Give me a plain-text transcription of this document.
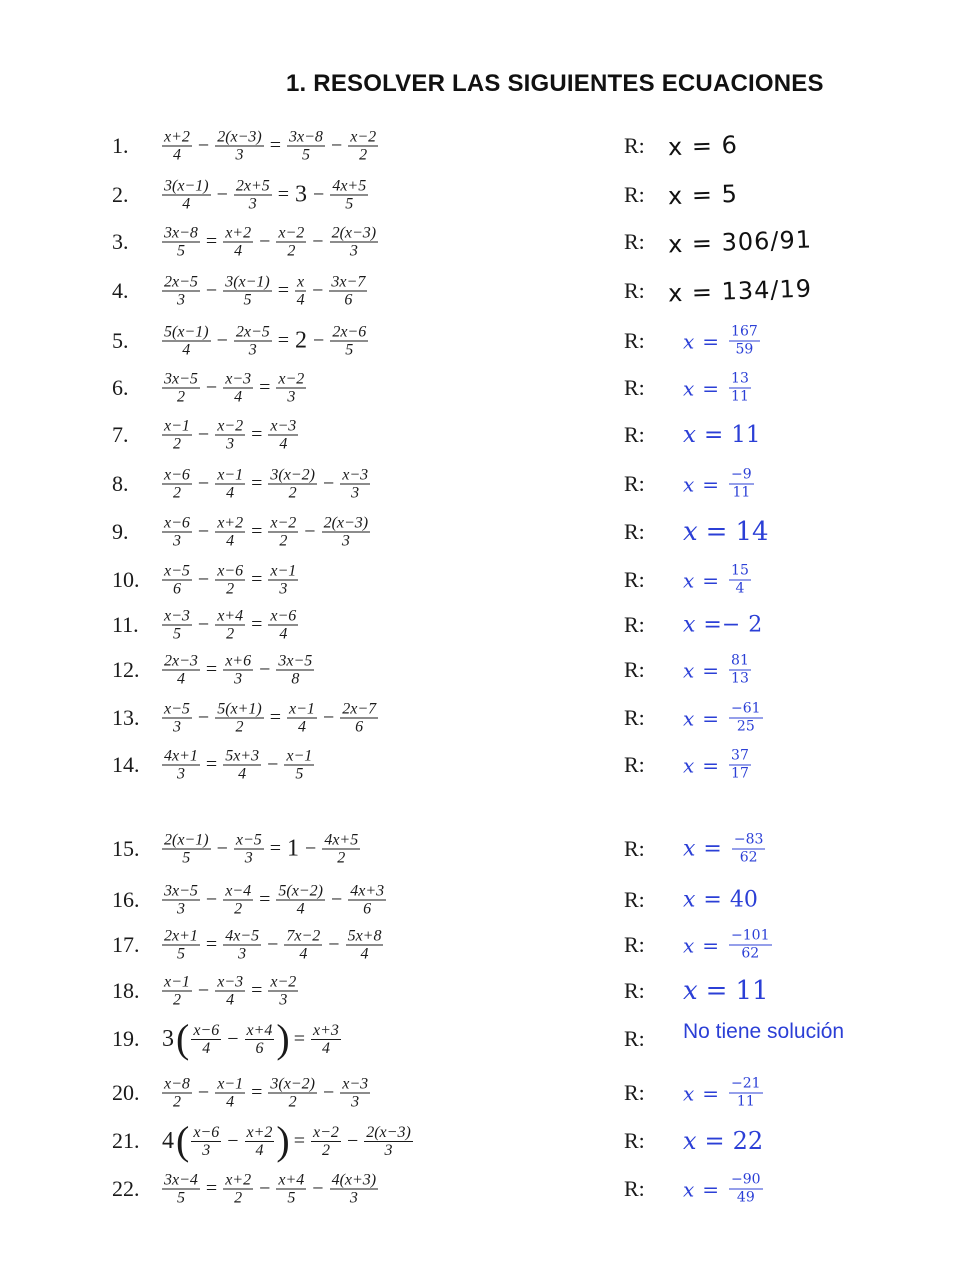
1. RESOLVER LAS SIGUIENTES ECUACIONES
1. $\frac{x+2}{4} - \frac{2(x-3)}{3} = \frac{3x-8}{5} - \frac{x-2}{2}$	R: x = 6
2. $\frac{3(x-1)}{4} - \frac{2x+5}{3} = 3 - \frac{4x+5}{5}$	R: x = 5
3. $\frac{3x-8}{5} = \frac{x+2}{4} - \frac{x-2}{2} - \frac{2(x-3)}{3}$	R: x = 306/91
4. $\frac{2x-5}{3} - \frac{3(x-1)}{5} = \frac{x}{4} - \frac{3x-7}{6}$	R: x = 134/19
5. $\frac{5(x-1)}{4} - \frac{2x-5}{3} = 2 - \frac{2x-6}{5}$	R: $x = \frac{167}{59}$
6. $\frac{3x-5}{2} - \frac{x-3}{4} = \frac{x-2}{3}$	R: $x = \frac{13}{11}$
7. $\frac{x-1}{2} - \frac{x-2}{3} = \frac{x-3}{4}$	R: x = 11
8. $\frac{x-6}{2} - \frac{x-1}{4} = \frac{3(x-2)}{2} - \frac{x-3}{3}$	R: $x = \frac{-9}{11}$
9. $\frac{x-6}{3} - \frac{x+2}{4} = \frac{x-2}{2} - \frac{2(x-3)}{3}$	R: x = 14
10. $\frac{x-5}{6} - \frac{x-6}{2} = \frac{x-1}{3}$	R: $x = \frac{15}{4}$
11. $\frac{x-3}{5} - \frac{x+4}{2} = \frac{x-6}{4}$	R: x =− 2
12. $\frac{2x-3}{4} = \frac{x+6}{3} - \frac{3x-5}{8}$	R: $x = \frac{81}{13}$
13. $\frac{x-5}{3} - \frac{5(x+1)}{2} = \frac{x-1}{4} - \frac{2x-7}{6}$	R: $x = \frac{-61}{25}$
14. $\frac{4x+1}{3} = \frac{5x+3}{4} - \frac{x-1}{5}$	R: $x = \frac{37}{17}$
15. $\frac{2(x-1)}{5} - \frac{x-5}{3} = 1 - \frac{4x+5}{2}$	R: $x = \frac{-83}{62}$
16. $\frac{3x-5}{3} - \frac{x-4}{2} = \frac{5(x-2)}{4} - \frac{4x+3}{6}$	R: x = 40
17. $\frac{2x+1}{5} = \frac{4x-5}{3} - \frac{7x-2}{4} - \frac{5x+8}{4}$	R: $x = \frac{-101}{62}$
18. $\frac{x-1}{2} - \frac{x-3}{4} = \frac{x-2}{3}$	R: x = 11
19. 3 ( $\frac{x-6}{4} - \frac{x+4}{6}$ ) = $\frac{x+3}{4}$	R: No tiene solución
20. $\frac{x-8}{2} - \frac{x-1}{4} = \frac{3(x-2)}{2} - \frac{x-3}{3}$	R: $x = \frac{-21}{11}$
21. 4 ( $\frac{x-6}{3} - \frac{x+2}{4}$ ) = $\frac{x-2}{2} - \frac{2(x-3)}{3}$	R: x = 22
22. $\frac{3x-4}{5} = \frac{x+2}{2} - \frac{x+4}{5} - \frac{4(x+3)}{3}$	R: $x = \frac{-90}{49}$
